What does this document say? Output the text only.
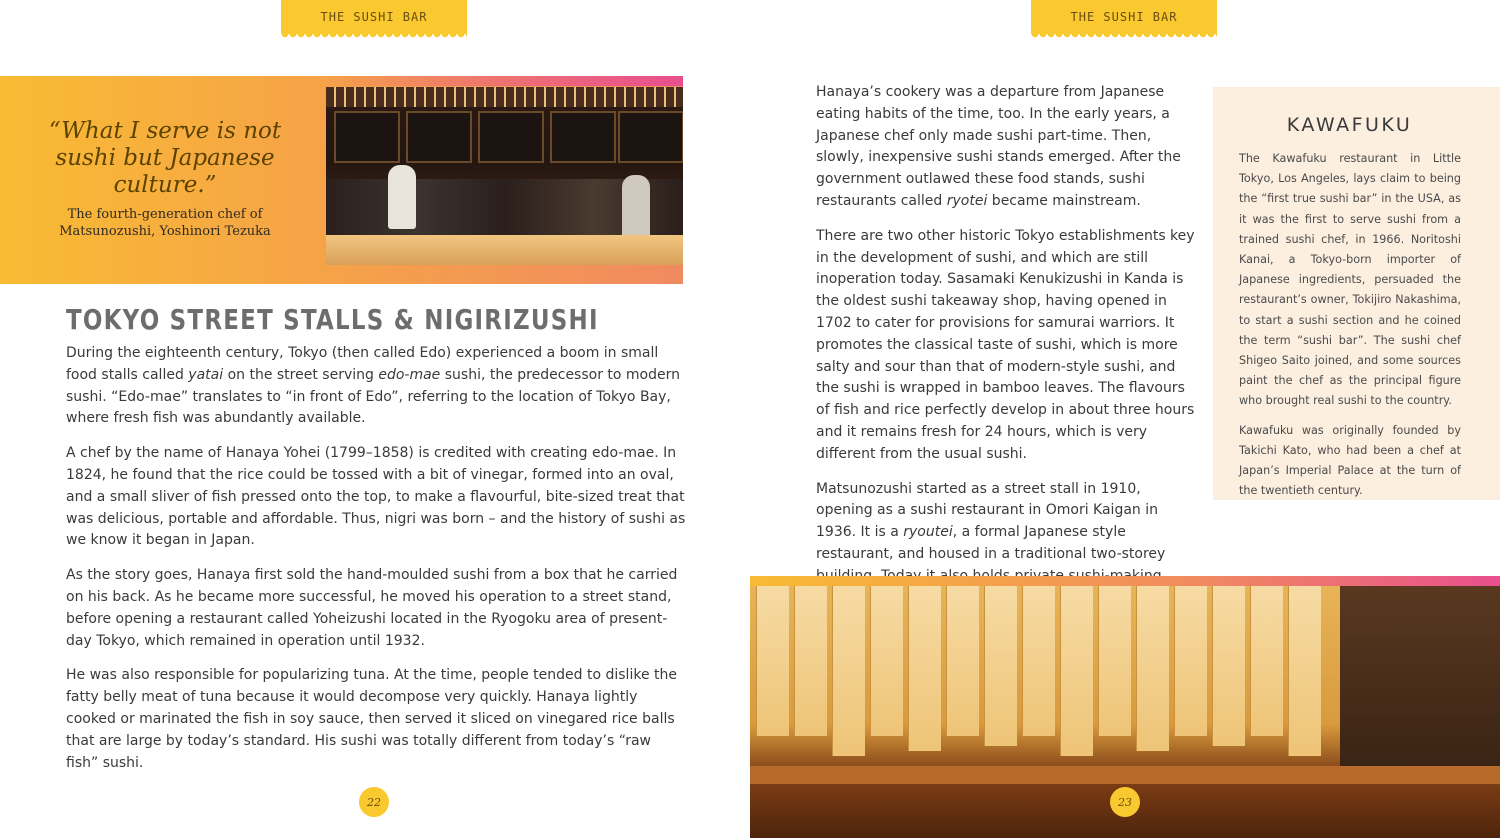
THE SUSHI BAR
“What I serve is not sushi but Japanese culture.”
The fourth-generation chef of Matsunozushi, Yoshinori Tezuka
TOKYO STREET STALLS & NIGIRIZUSHI

During the eighteenth century, Tokyo (then called Edo) experienced a boom in small food stalls called yatai on the street serving edo-mae sushi, the predecessor to modern sushi. “Edo-mae” translates to “in front of Edo”, referring to the location of Tokyo Bay, where fresh fish was abundantly available.

A chef by the name of Hanaya Yohei (1799–1858) is credited with creating edo-mae. In 1824, he found that the rice could be tossed with a bit of vinegar, formed into an oval, and a small sliver of fish pressed onto the top, to make a flavourful, bite-sized treat that was delicious, portable and affordable. Thus, nigri was born – and the history of sushi as we know it began in Japan.

As the story goes, Hanaya first sold the hand-moulded sushi from a box that he carried on his back. As he became more successful, he moved his operation to a street stand, before opening a restaurant called Yoheizushi located in the Ryogoku area of present-day Tokyo, which remained in operation until 1932.

He was also responsible for popularizing tuna. At the time, people tended to dislike the fatty belly meat of tuna because it would decompose very quickly. Hanaya lightly cooked or marinated the fish in soy sauce, then served it sliced on vinegared rice balls that are large by today’s standard. His sushi was totally different from today’s “raw fish” sushi.

22
THE SUSHI BAR

Hanaya’s cookery was a departure from Japanese eating habits of the time, too. In the early years, a Japanese chef only made sushi part-time. Then, slowly, inexpensive sushi stands emerged. After the government outlawed these food stands, sushi restaurants called ryotei became mainstream.

There are two other historic Tokyo establishments key in the development of sushi, and which are still inoperation today. Sasamaki Kenukizushi in Kanda is the oldest sushi takeaway shop, having opened in 1702 to cater for provisions for samurai warriors. It promotes the classical taste of sushi, which is more salty and sour than that of modern-style sushi, and the sushi is wrapped in bamboo leaves. The flavours of fish and rice perfectly develop in about three hours and it remains fresh for 24 hours, which is very different from the usual sushi.

Matsunozushi started as a street stall in 1910, opening as a sushi restaurant in Omori Kaigan in 1936. It is a ryoutei, a formal Japanese style restaurant, and housed in a traditional two-storey

KAWAFUKU

The Kawafuku restaurant in Little Tokyo, Los Angeles, lays claim to being the “first true sushi bar” in the USA, as it was the first to serve sushi from a trained sushi chef, in 1966. Noritoshi Kanai, a Tokyo-born importer of Japanese ingredients, persuaded the restaurant’s owner, Tokijiro Nakashima, to start a sushi section and he coined the term “sushi bar”. The sushi chef Shigeo Saito joined, and some sources paint the chef as the principal figure who brought real sushi to the country.

Kawafuku was originally founded by Takichi Kato, who had been a chef at Japan’s Imperial Palace at the turn of the twentieth century.

23
